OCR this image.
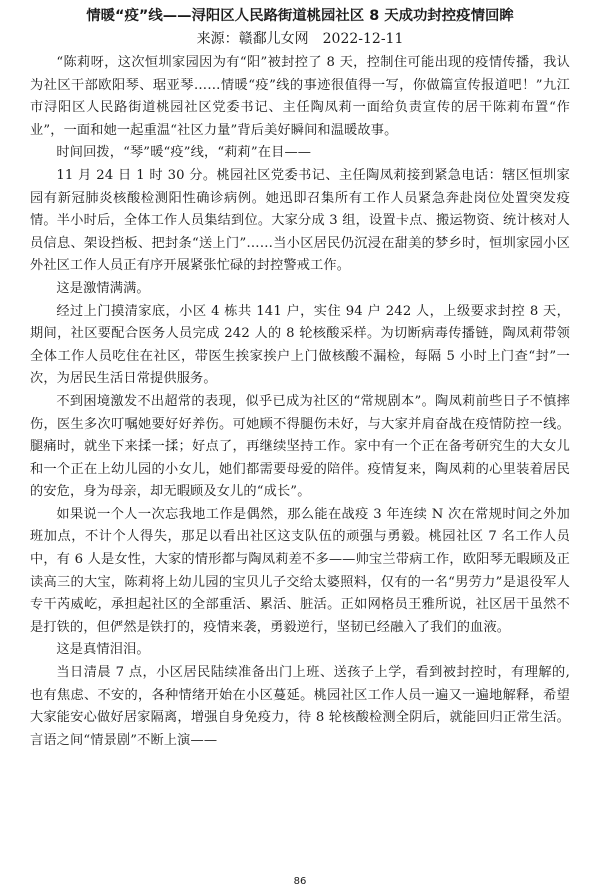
情暖“疫”线——浔阳区人民路街道桃园社区 8 天成功封控疫情回眸
来源：赣鄱儿女网　2022-12-11

“陈莉呀，这次恒圳家园因为有“阳”被封控了 8 天，控制住可能出现的疫情传播，我认为社区干部欧阳琴、琚亚琴……情暖“疫”线的事迹很值得一写，你做篇宣传报道吧！”九江市浔阳区人民路街道桃园社区党委书记、主任陶凤莉一面给负责宣传的居干陈莉布置“作业”，一面和她一起重温“社区力量”背后美好瞬间和温暖故事。

时间回拨，“琴”暖“疫”线，“莉莉”在目——

11 月 24 日 1 时 30 分。桃园社区党委书记、主任陶凤莉接到紧急电话：辖区恒圳家园有新冠肺炎核酸检测阳性确诊病例。她迅即召集所有工作人员紧急奔赴岗位处置突发疫情。半小时后，全体工作人员集结到位。大家分成 3 组，设置卡点、搬运物资、统计核对人员信息、架设挡板、把封条“送上门”……当小区居民仍沉浸在甜美的梦乡时，恒圳家园小区外社区工作人员正有序开展紧张忙碌的封控警戒工作。

这是激情满满。

经过上门摸清家底，小区 4 栋共 141 户，实住 94 户 242 人，上级要求封控 8 天，期间，社区要配合医务人员完成 242 人的 8 轮核酸采样。为切断病毒传播链，陶凤莉带领全体工作人员吃住在社区，带医生挨家挨户上门做核酸不漏检，每隔 5 小时上门查“封”一次，为居民生活日常提供服务。

不到困境激发不出超常的表现，似乎已成为社区的“常规剧本”。陶凤莉前些日子不慎摔伤，医生多次叮嘱她要好好养伤。可她顾不得腿伤未好，与大家并肩奋战在疫情防控一线。腿痛时，就坐下来揉一揉；好点了，再继续坚持工作。家中有一个正在备考研究生的大女儿和一个正在上幼儿园的小女儿，她们都需要母爱的陪伴。疫情复来，陶凤莉的心里装着居民的安危，身为母亲，却无暇顾及女儿的“成长”。

如果说一个人一次忘我地工作是偶然，那么能在战疫 3 年连续 N 次在常规时间之外加班加点，不计个人得失，那足以看出社区这支队伍的顽强与勇毅。桃园社区 7 名工作人员中，有 6 人是女性，大家的情形都与陶凤莉差不多——帅宝兰带病工作，欧阳琴无暇顾及正读高三的大宝，陈莉将上幼儿园的宝贝儿子交给太婆照料，仅有的一名“男劳力”是退役军人专干芮威屹，承担起社区的全部重活、累活、脏活。正如网格员王雅所说，社区居干虽然不是打铁的，但俨然是铁打的，疫情来袭，勇毅逆行，坚韧已经融入了我们的血液。

这是真情泪泪。

当日清晨 7 点，小区居民陆续准备出门上班、送孩子上学，看到被封控时，有理解的,也有焦虑、不安的，各种情绪开始在小区蔓延。桃园社区工作人员一遍又一遍地解释，希望大家能安心做好居家隔离，增强自身免疫力，待 8 轮核酸检测全阴后，就能回归正常生活。言语之间“情景剧”不断上演——

86
